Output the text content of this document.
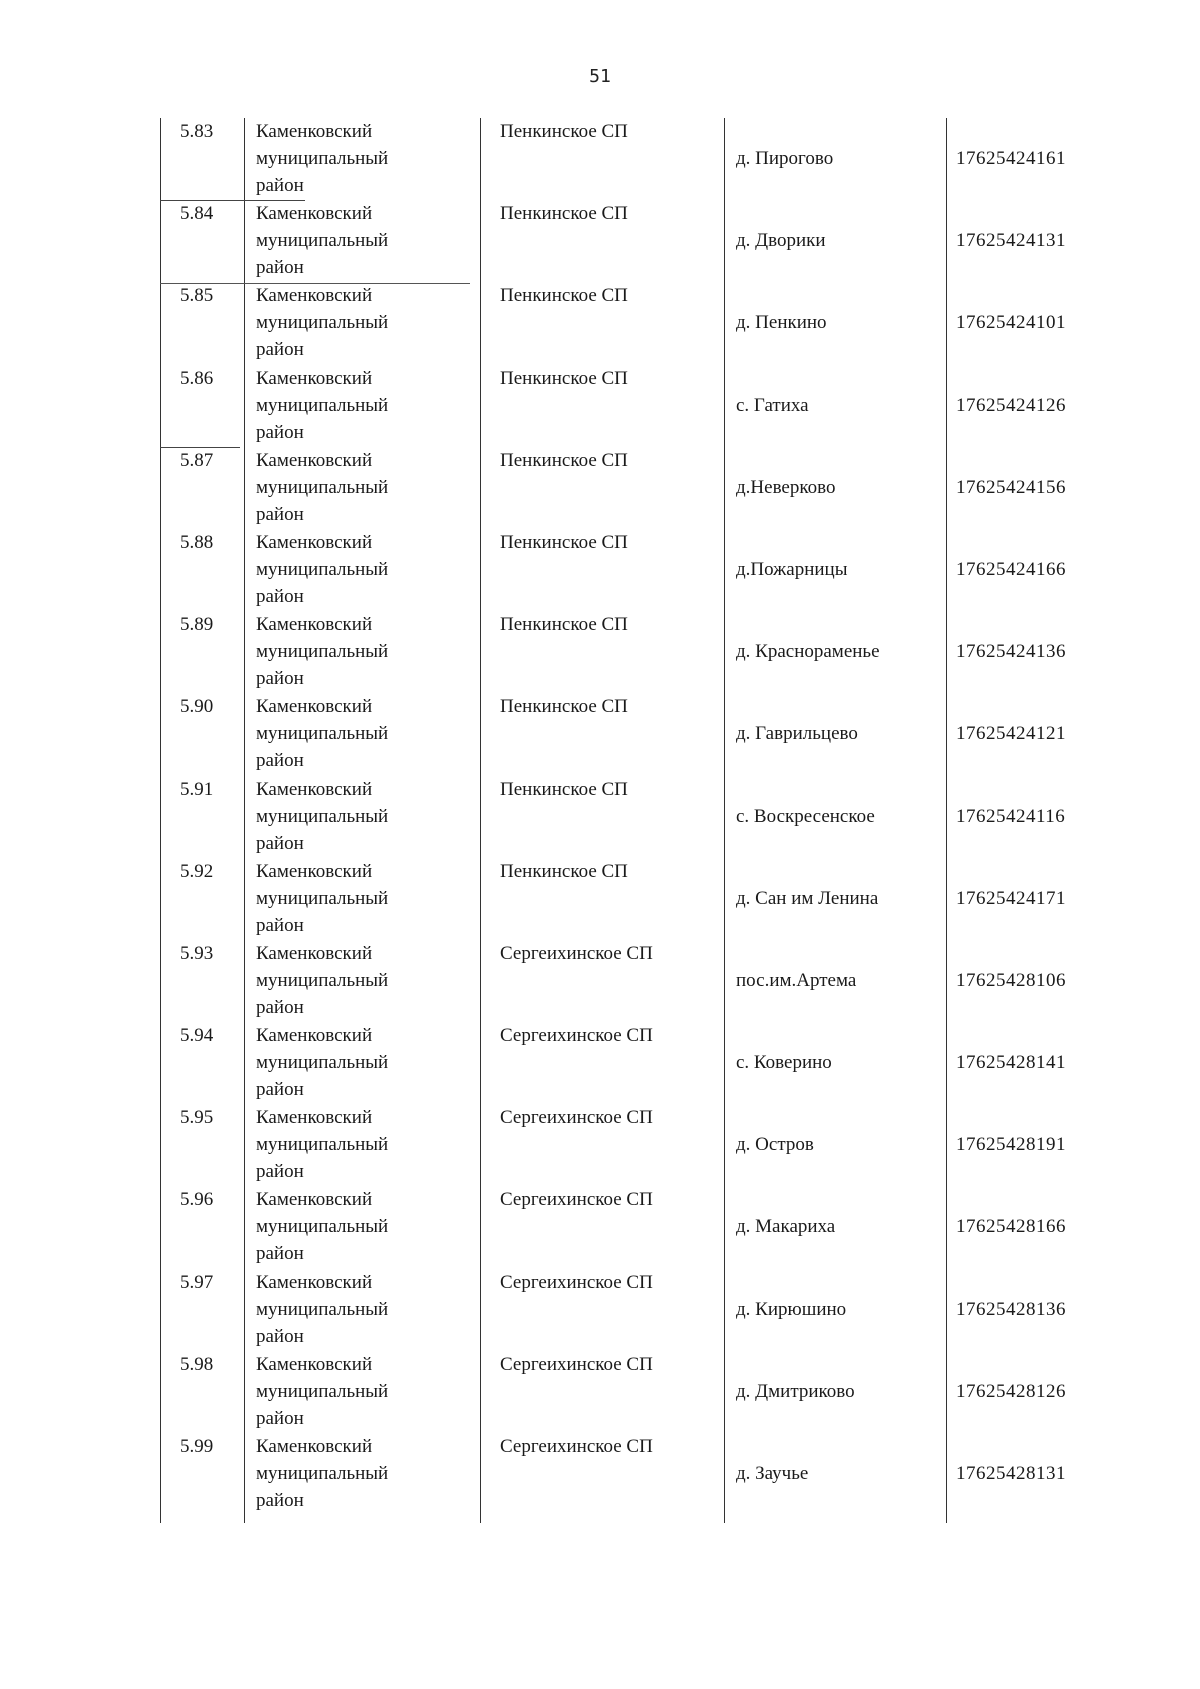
51
5.83	Каменковский
муниципальный
район
Пенкинское СП
д. Пирогово	17625424161
5.84	Каменковский
муниципальный
район
Пенкинское СП
д. Дворики	17625424131
5.85	Каменковский
муниципальный
район
Пенкинское СП
д. Пенкино	17625424101
5.86	Каменковский
муниципальный
район
Пенкинское СП
с. Гатиха	17625424126
5.87	Каменковский
муниципальный
район
Пенкинское СП
д.Неверково	17625424156
5.88	Каменковский
муниципальный
район
Пенкинское СП
д.Пожарницы	17625424166
5.89	Каменковский
муниципальный
район
Пенкинское СП
д. Краснораменье	17625424136
5.90	Каменковский
муниципальный
район
Пенкинское СП
д. Гаврильцево	17625424121
5.91	Каменковский
муниципальный
район
Пенкинское СП
с. Воскресенское	17625424116
5.92	Каменковский
муниципальный
район
Пенкинское СП
д. Сан им Ленина	17625424171
5.93	Каменковский
муниципальный
район
Сергеихинское СП
пос.им.Артема	17625428106
5.94	Каменковский
муниципальный
район
Сергеихинское СП
с. Коверино	17625428141
5.95	Каменковский
муниципальный
район
Сергеихинское СП
д. Остров	17625428191
5.96	Каменковский
муниципальный
район
Сергеихинское СП
д. Макариха	17625428166
5.97	Каменковский
муниципальный
район
Сергеихинское СП
д. Кирюшино	17625428136
5.98	Каменковский
муниципальный
район
Сергеихинское СП
д. Дмитриково	17625428126
5.99	Каменковский
муниципальный
район
Сергеихинское СП
д. Заучье	17625428131
